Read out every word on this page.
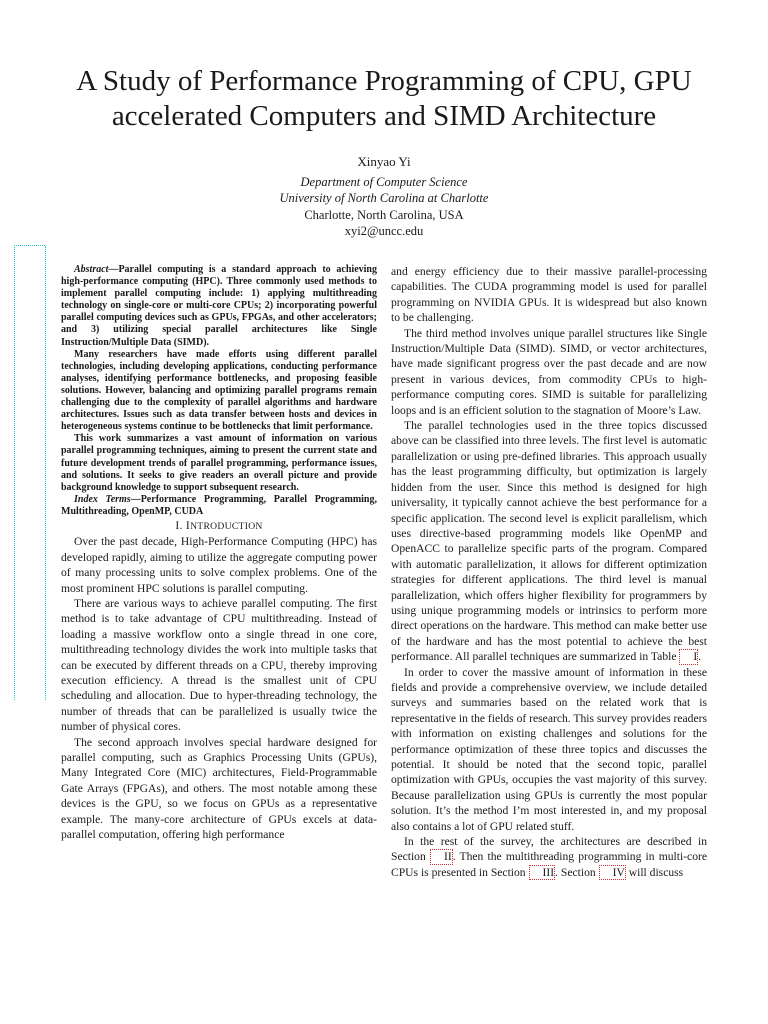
A Study of Performance Programming of CPU, GPU accelerated Computers and SIMD Architecture
Xinyao Yi
Department of Computer Science
University of North Carolina at Charlotte
Charlotte, North Carolina, USA
xyi2@uncc.edu

Abstract—Parallel computing is a standard approach to achieving high-performance computing (HPC). Three commonly used methods to implement parallel computing include: 1) applying multithreading technology on single-core or multi-core CPUs; 2) incorporating powerful parallel computing devices such as GPUs, FPGAs, and other accelerators; and 3) utilizing special parallel architectures like Single Instruction/Multiple Data (SIMD).

Many researchers have made efforts using different parallel technologies, including developing applications, conducting performance analyses, identifying performance bottlenecks, and proposing feasible solutions. However, balancing and optimizing parallel programs remain challenging due to the complexity of parallel algorithms and hardware architectures. Issues such as data transfer between hosts and devices in heterogeneous systems continue to be bottlenecks that limit performance.

This work summarizes a vast amount of information on various parallel programming techniques, aiming to present the current state and future development trends of parallel programming, performance issues, and solutions. It seeks to give readers an overall picture and provide background knowledge to support subsequent research.

Index Terms—Performance Programming, Parallel Programming, Multithreading, OpenMP, CUDA

I. INTRODUCTION

Over the past decade, High-Performance Computing (HPC) has developed rapidly, aiming to utilize the aggregate computing power of many processing units to solve complex problems. One of the most prominent HPC solutions is parallel computing.

There are various ways to achieve parallel computing. The first method is to take advantage of CPU multithreading. Instead of loading a massive workflow onto a single thread in one core, multithreading technology divides the work into multiple tasks that can be executed by different threads on a CPU, thereby improving execution efficiency. A thread is the smallest unit of CPU scheduling and allocation. Due to hyper-threading technology, the number of threads that can be parallelized is usually twice the number of physical cores.

The second approach involves special hardware designed for parallel computing, such as Graphics Processing Units (GPUs), Many Integrated Core (MIC) architectures, Field-Programmable Gate Arrays (FPGAs), and others. The most notable among these devices is the GPU, so we focus on GPUs as a representative example. The many-core architecture of GPUs excels at data-parallel computation, offering high performance

and energy efficiency due to their massive parallel-processing capabilities. The CUDA programming model is used for parallel programming on NVIDIA GPUs. It is widespread but also known to be challenging.

The third method involves unique parallel structures like Single Instruction/Multiple Data (SIMD). SIMD, or vector architectures, have made significant progress over the past decade and are now present in various devices, from commodity CPUs to high-performance computing cores. SIMD is suitable for parallelizing loops and is an efficient solution to the stagnation of Moore’s Law.

The parallel technologies used in the three topics discussed above can be classified into three levels. The first level is automatic parallelization or using pre-defined libraries. This approach usually has the least programming difficulty, but optimization is largely hidden from the user. Since this method is designed for high universality, it typically cannot achieve the best performance for a specific application. The second level is explicit parallelism, which uses directive-based programming models like OpenMP and OpenACC to parallelize specific parts of the program. Compared with automatic parallelization, it allows for different optimization strategies for different applications. The third level is manual parallelization, which offers higher flexibility for programmers by using unique programming models or intrinsics to perform more direct operations on the hardware. This method can make better use of the hardware and has the most potential to achieve the best performance. All parallel techniques are summarized in Table I.

In order to cover the massive amount of information in these fields and provide a comprehensive overview, we include detailed surveys and summaries based on the related work that is representative in the fields of research. This survey provides readers with information on existing challenges and solutions for the performance optimization of these three topics and discusses the potential. It should be noted that the second topic, parallel optimization with GPUs, occupies the vast majority of this survey. Because parallelization using GPUs is currently the most popular solution. It’s the method I’m most interested in, and my proposal also contains a lot of GPU related stuff.

In the rest of the survey, the architectures are described in Section II. Then the multithreading programming in multi-core CPUs is presented in Section III. Section IV will discuss
